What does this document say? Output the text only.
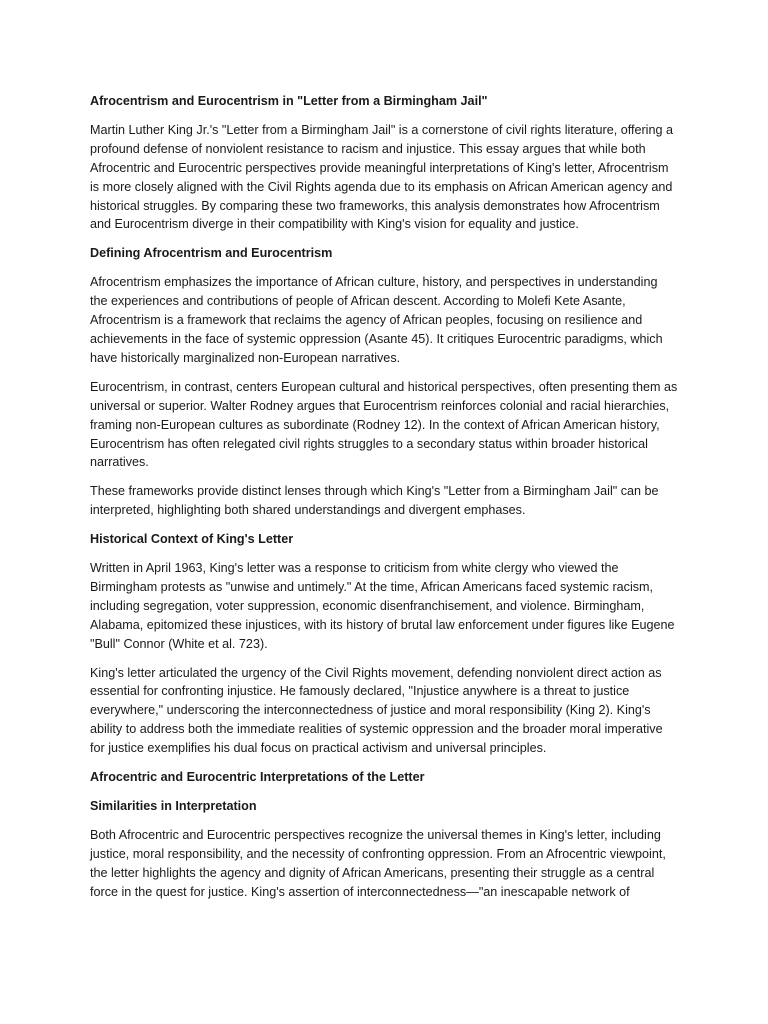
Afrocentrism and Eurocentrism in "Letter from a Birmingham Jail"

Martin Luther King Jr.'s "Letter from a Birmingham Jail" is a cornerstone of civil rights literature, offering a profound defense of nonviolent resistance to racism and injustice. This essay argues that while both Afrocentric and Eurocentric perspectives provide meaningful interpretations of King's letter, Afrocentrism is more closely aligned with the Civil Rights agenda due to its emphasis on African American agency and historical struggles. By comparing these two frameworks, this analysis demonstrates how Afrocentrism and Eurocentrism diverge in their compatibility with King's vision for equality and justice.

Defining Afrocentrism and Eurocentrism

Afrocentrism emphasizes the importance of African culture, history, and perspectives in understanding the experiences and contributions of people of African descent. According to Molefi Kete Asante, Afrocentrism is a framework that reclaims the agency of African peoples, focusing on resilience and achievements in the face of systemic oppression (Asante 45). It critiques Eurocentric paradigms, which have historically marginalized non-European narratives.

Eurocentrism, in contrast, centers European cultural and historical perspectives, often presenting them as universal or superior. Walter Rodney argues that Eurocentrism reinforces colonial and racial hierarchies, framing non-European cultures as subordinate (Rodney 12). In the context of African American history, Eurocentrism has often relegated civil rights struggles to a secondary status within broader historical narratives.

These frameworks provide distinct lenses through which King's "Letter from a Birmingham Jail" can be interpreted, highlighting both shared understandings and divergent emphases.

Historical Context of King's Letter

Written in April 1963, King's letter was a response to criticism from white clergy who viewed the Birmingham protests as "unwise and untimely." At the time, African Americans faced systemic racism, including segregation, voter suppression, economic disenfranchisement, and violence. Birmingham, Alabama, epitomized these injustices, with its history of brutal law enforcement under figures like Eugene "Bull" Connor (White et al. 723).

King's letter articulated the urgency of the Civil Rights movement, defending nonviolent direct action as essential for confronting injustice. He famously declared, "Injustice anywhere is a threat to justice everywhere," underscoring the interconnectedness of justice and moral responsibility (King 2). King's ability to address both the immediate realities of systemic oppression and the broader moral imperative for justice exemplifies his dual focus on practical activism and universal principles.

Afrocentric and Eurocentric Interpretations of the Letter

Similarities in Interpretation

Both Afrocentric and Eurocentric perspectives recognize the universal themes in King's letter, including justice, moral responsibility, and the necessity of confronting oppression. From an Afrocentric viewpoint, the letter highlights the agency and dignity of African Americans, presenting their struggle as a central force in the quest for justice. King's assertion of interconnectedness—"an inescapable network of
